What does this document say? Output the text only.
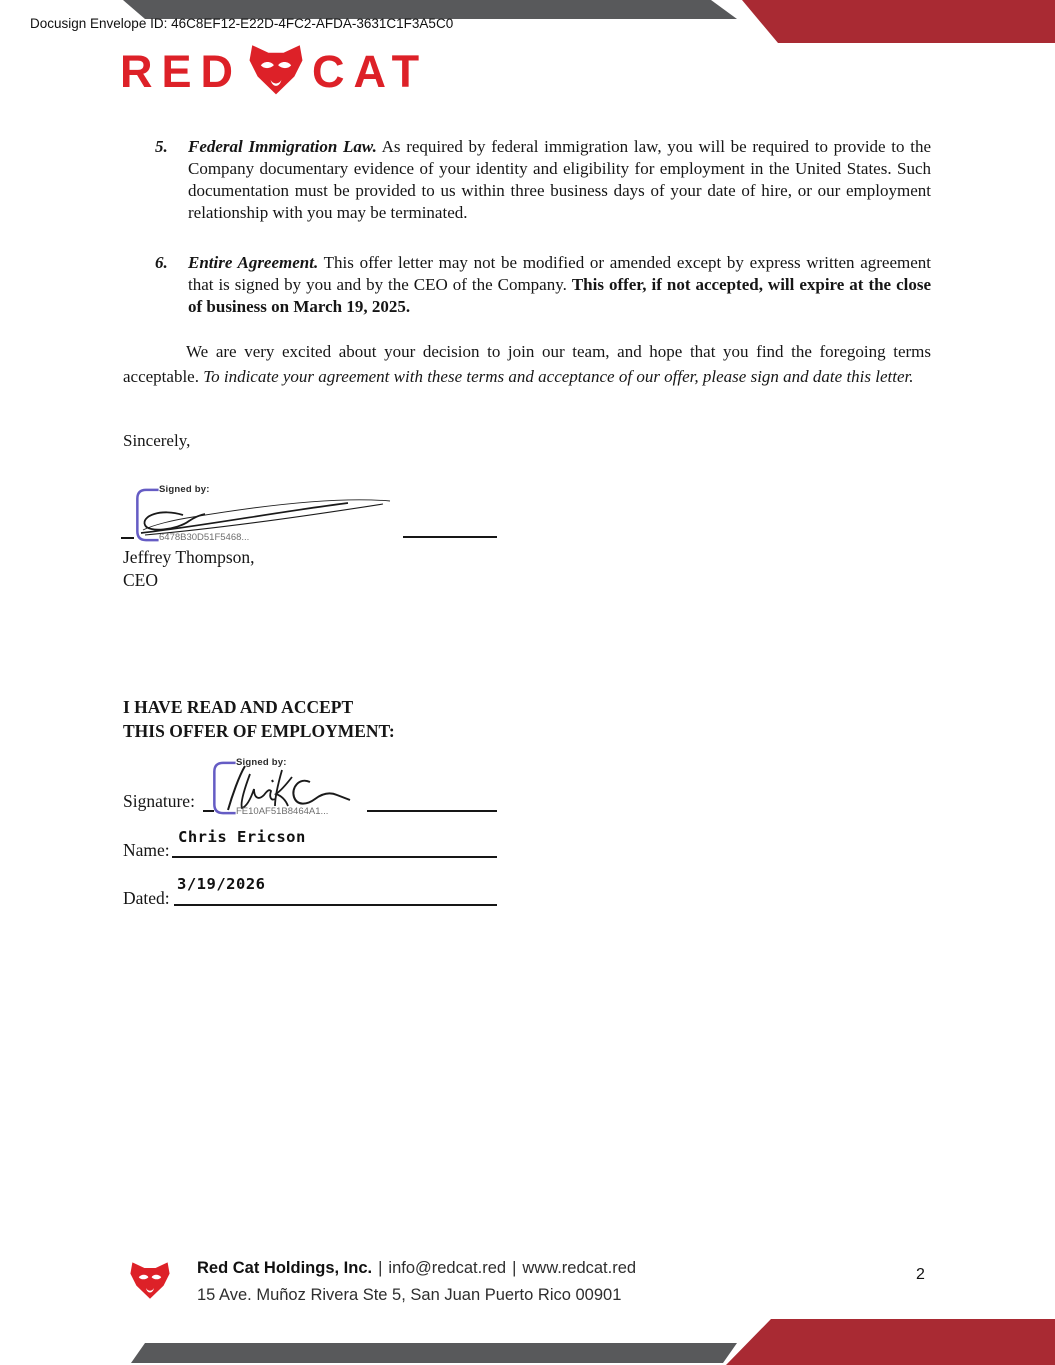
Docusign Envelope ID: 46C8EF12-E22D-4FC2-AFDA-3631C1F3A5C0
RED CAT
5.	Federal Immigration Law. As required by federal immigration law, you will be required to provide to the Company documentary evidence of your identity and eligibility for employment in the United States. Such documentation must be provided to us within three business days of your date of hire, or our employment relationship with you may be terminated.

6.	Entire Agreement. This offer letter may not be modified or amended except by express written agreement that is signed by you and by the CEO of the Company. This offer, if not accepted, will expire at the close of business on March 19, 2025.

We are very excited about your decision to join our team, and hope that you find the foregoing terms acceptable. To indicate your agreement with these terms and acceptance of our offer, please sign and date this letter.

Sincerely,
Signed by:
6478B30D51F5468...
Jeffrey Thompson,
CEO
I HAVE READ AND ACCEPT
THIS OFFER OF EMPLOYMENT:
Signature:
Signed by:
FE10AF51B8464A1...
Name:
Chris Ericson
Dated:
3/19/2026
Red Cat Holdings, Inc. | info@redcat.red | www.redcat.red
15 Ave. Muñoz Rivera Ste 5, San Juan Puerto Rico 00901
2
